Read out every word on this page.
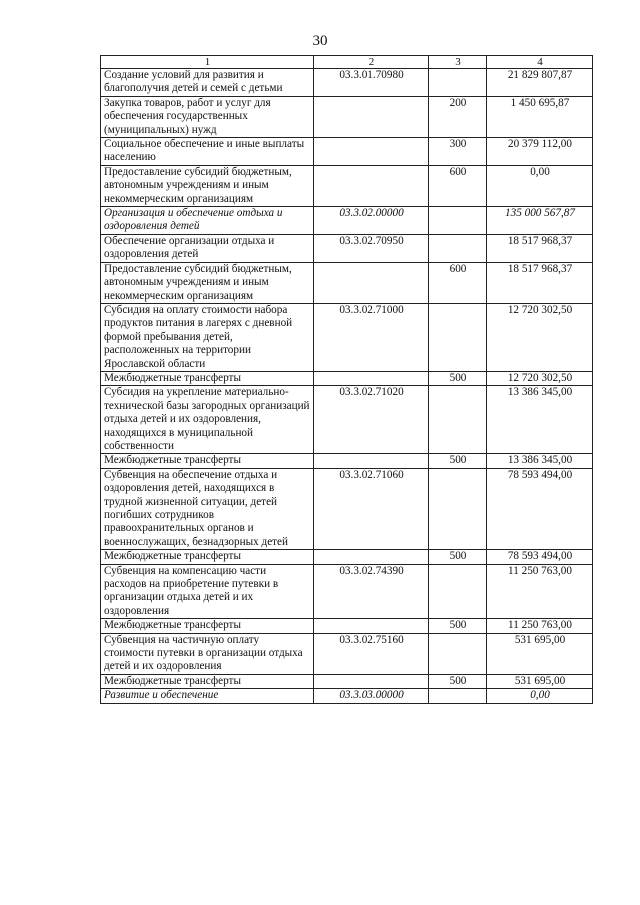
30
1	2	3	4
Создание условий для развития и благополучия детей и семей с детьми	03.3.01.70980		21 829 807,87
Закупка товаров, работ и услуг для обеспечения государственных (муниципальных) нужд		200	1 450 695,87
Социальное обеспечение и иные выплаты населению		300	20 379 112,00
Предоставление субсидий бюджетным, автономным учреждениям и иным некоммерческим организациям		600	0,00
Организация и обеспечение отдыха и оздоровления детей	03.3.02.00000		135 000 567,87
Обеспечение организации отдыха и оздоровления детей	03.3.02.70950		18 517 968,37
Предоставление субсидий бюджетным, автономным учреждениям и иным некоммерческим организациям		600	18 517 968,37
Субсидия на оплату стоимости набора продуктов питания в лагерях с дневной формой пребывания детей, расположенных на территории Ярославской области	03.3.02.71000		12 720 302,50
Межбюджетные трансферты		500	12 720 302,50
Субсидия на укрепление материально-технической базы загородных организаций отдыха детей и их оздоровления, находящихся в муниципальной собственности	03.3.02.71020		13 386 345,00
Межбюджетные трансферты		500	13 386 345,00
Субвенция на обеспечение отдыха и оздоровления детей, находящихся в трудной жизненной ситуации, детей погибших сотрудников правоохранительных органов и военнослужащих, безнадзорных детей	03.3.02.71060		78 593 494,00
Межбюджетные трансферты		500	78 593 494,00
Субвенция на компенсацию части расходов на приобретение путевки в организации отдыха детей и их оздоровления	03.3.02.74390		11 250 763,00
Межбюджетные трансферты		500	11 250 763,00
Субвенция на частичную оплату стоимости путевки в организации отдыха детей и их оздоровления	03.3.02.75160		531 695,00
Межбюджетные трансферты		500	531 695,00
Развитие и обеспечение	03.3.03.00000		0,00
